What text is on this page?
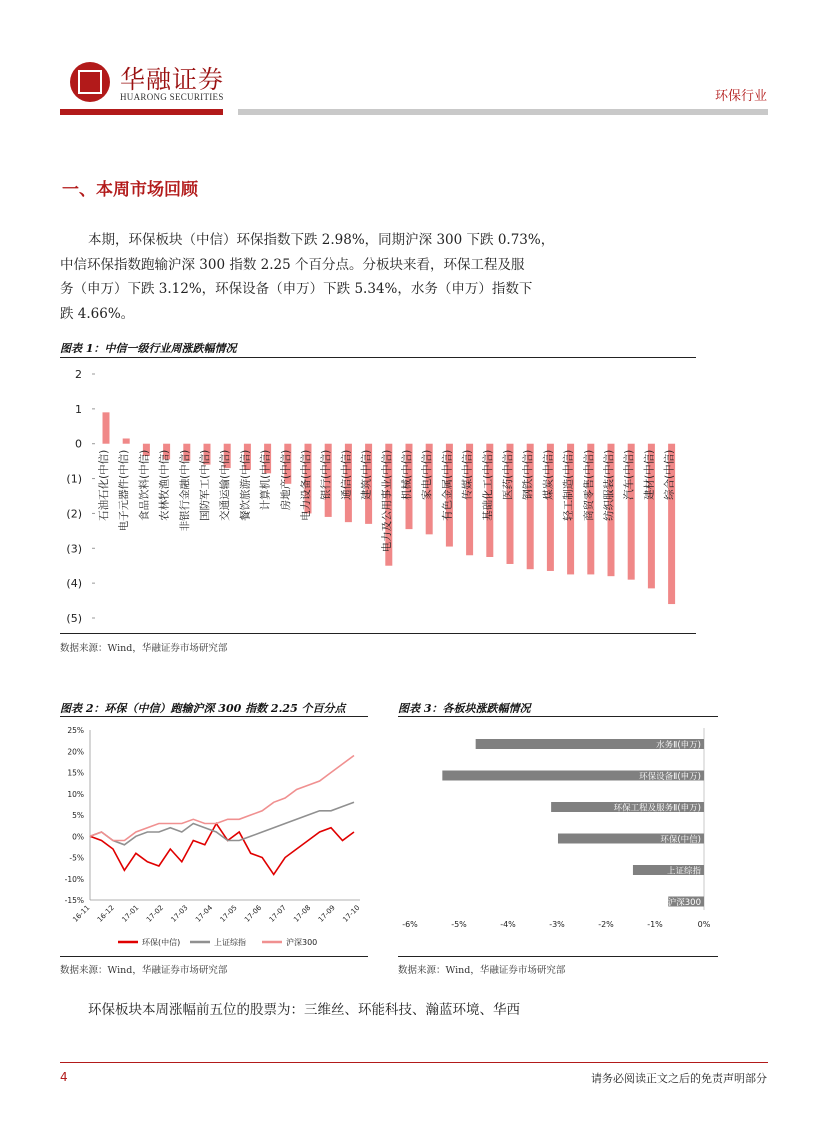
华融证券
HUARONG SECURITIES	环保行业
一、本周市场回顾
本期，环保板块（中信）环保指数下跌 2.98%，同期沪深 300 下跌 0.73%，
中信环保指数跑输沪深 300 指数 2.25 个百分点。分板块来看，环保工程及服
务（申万）下跌 3.12%，环保设备（申万）下跌 5.34%，水务（申万）指数下
跌 4.66%。
图表 1：中信一级行业周涨跌幅情况
2
1
0
(1)
(2)
(3)
(4)
(5)
石油石化(中信) 电子元器件(中信) 食品饮料(中信) 农林牧渔(中信) 非银行金融(中信) 国防军工(中信) 交通运输(中信) 餐饮旅游(中信) 计算机(中信) 房地产(中信) 电力设备(中信) 银行(中信) 通信(中信) 建筑(中信) 电力及公用事业(中信) 机械(中信) 家电(中信) 有色金属(中信) 传媒(中信) 基础化工(中信) 医药(中信) 钢铁(中信) 煤炭(中信) 轻工制造(中信) 商贸零售(中信) 纺织服装(中信) 汽车(中信) 建材(中信) 综合(中信)
数据来源：Wind，华融证券市场研究部
图表 2：环保（中信）跑输沪深 300 指数 2.25 个百分点
25%
20%
15%
10%
5%
0%
-5%
-10%
-15%
16-11 16-12 17-01 17-02 17-03 17-04 17-05 17-06 17-07 17-08 17-09 17-10
环保(中信)	上证综指	沪深300
数据来源：Wind，华融证券市场研究部
图表 3：各板块涨跌幅情况
水务Ⅱ(申万)
环保设备Ⅱ(申万)
环保工程及服务Ⅱ(申万)
环保(中信)
上证综指
沪深300
-6%	-5%	-4%	-3%	-2%	-1%	0%
数据来源：Wind，华融证券市场研究部
环保板块本周涨幅前五位的股票为：三维丝、环能科技、瀚蓝环境、华西
4	请务必阅读正文之后的免责声明部分
